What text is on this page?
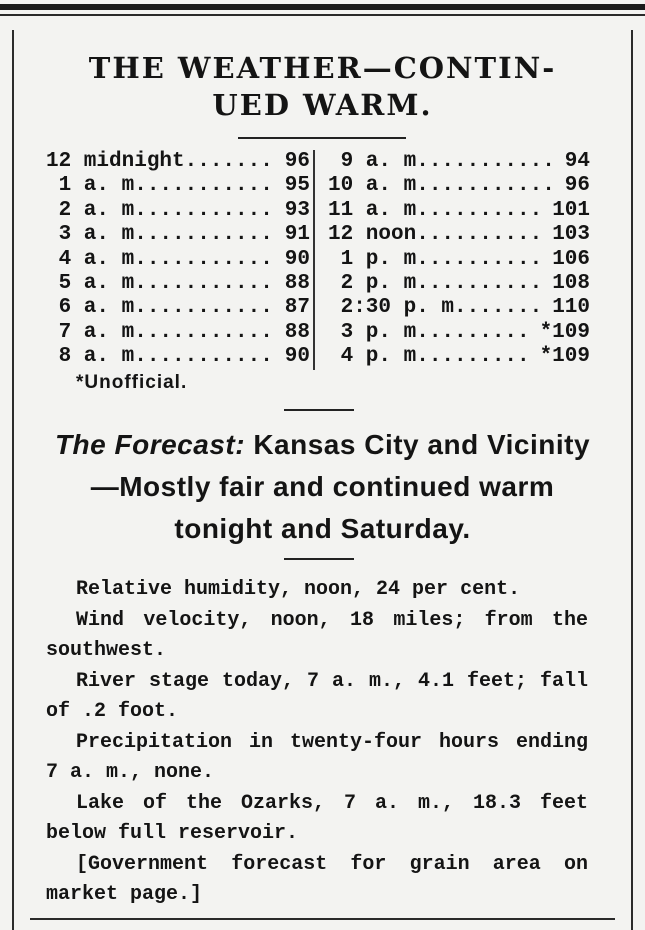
THE WEATHER—CONTIN-
UED WARM.
12 midnight....... 96 9 a. m........... 94
1 a. m........... 95 10 a. m........... 96
2 a. m........... 93 11 a. m.......... 101
3 a. m........... 91 12 noon.......... 103
4 a. m........... 90 1 p. m.......... 106
5 a. m........... 88 2 p. m.......... 108
6 a. m........... 87 2:30 p. m....... 110
7 a. m........... 88 3 p. m......... *109
8 a. m........... 90 4 p. m......... *109
*Unofficial.
The Forecast: Kansas City and Vicinity—Mostly fair and continued warm tonight and Saturday.

Relative humidity, noon, 24 per cent.

Wind velocity, noon, 18 miles; from the southwest.

River stage today, 7 a. m., 4.1 feet; fall of .2 foot.

Precipitation in twenty-four hours ending 7 a. m., none.

Lake of the Ozarks, 7 a. m., 18.3 feet below full reservoir.

[Government forecast for grain area on market page.]
